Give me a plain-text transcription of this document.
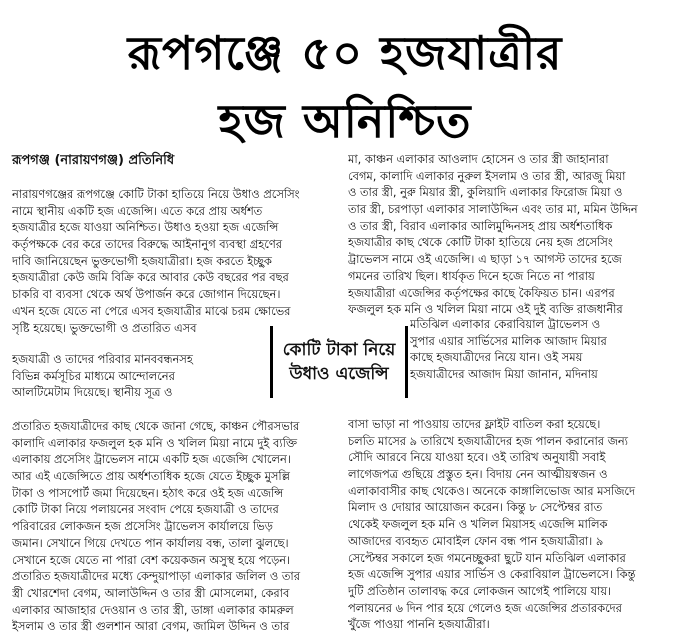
রূপগঞ্জে ৫০ হজযাত্রীর
হজ অনিশ্চিত
রূপগঞ্জ (নারায়ণগঞ্জ) প্রতিনিধি
নারায়ণগঞ্জের রূপগঞ্জে কোটি টাকা হাতিয়ে নিয়ে উধাও প্রসেসিং
নামে স্থানীয় একটি হজ এজেন্সি। এতে করে প্রায় অর্ধশত
হজযাত্রীর হজে যাওয়া অনিশ্চিত। উধাও হওয়া হজ এজেন্সি
কর্তৃপক্ষকে বের করে তাদের বিরুদ্ধে আইনানুগ ব্যবস্থা গ্রহণের
দাবি জানিয়েছেন ভুক্তভোগী হজযাত্রীরা। হজ করতে ইচ্ছুক
হজযাত্রীরা কেউ জমি বিক্রি করে আবার কেউ বছরের পর বছর
চাকরি বা ব্যবসা থেকে অর্থ উপার্জন করে জোগান দিয়েছেন।
এখন হজে যেতে না পেরে এসব হজযাত্রীর মাঝে চরম ক্ষোভের
সৃষ্টি হয়েছে। ভুক্তভোগী ও প্রতারিত এসব
হজযাত্রী ও তাদের পরিবার মানববন্ধনসহ
বিভিন্ন কর্মসূচির মাধ্যমে আন্দোলনের
আলটিমেটাম দিয়েছে। স্থানীয় সূত্র ও
প্রতারিত হজযাত্রীদের কাছ থেকে জানা গেছে, কাঞ্চন পৌরসভার
কালাদি এলাকার ফজলুল হক মনি ও খলিল মিয়া নামে দুই ব্যক্তি
এলাকায় প্রসেসিং ট্রাভেলস নামে একটি হজ এজেন্সি খোলেন।
আর এই এজেন্সিতে প্রায় অর্ধশতাধিক হজে যেতে ইচ্ছুক মুসল্লি
টাকা ও পাসপোর্ট জমা দিয়েছেন। হঠাৎ করে ওই হজ এজেন্সি
কোটি টাকা নিয়ে পলায়নের সংবাদ পেয়ে হজযাত্রী ও তাদের
পরিবারের লোকজন হজ প্রসেসিং ট্রাভেলস কার্যালয়ে ভিড়
জমান। সেখানে গিয়ে দেখতে পান কার্যালয় বন্ধ, তালা ঝুলছে।
সেখানে হজে যেতে না পারা বেশ কয়েকজন অসুস্থ হয়ে পড়েন।
প্রতারিত হজযাত্রীদের মধ্যে কেন্দুয়াপাড়া এলাকার জলিল ও তার
স্ত্রী খোরশেদা বেগম, আলাউদ্দিন ও তার স্ত্রী মোসলেমা, কেরাব
এলাকার আজাহার দেওয়ান ও তার স্ত্রী, ডাঙ্গা এলাকার কামরুল
ইসলাম ও তার স্ত্রী গুলশান আরা বেগম, জামিল উদ্দিন ও তার
মা, কাঞ্চন এলাকার আওলাদ হোসেন ও তার স্ত্রী জাহানারা
বেগম, কালাদি এলাকার নুরুল ইসলাম ও তার স্ত্রী, আরজু মিয়া
ও তার স্ত্রী, নুরু মিয়ার স্ত্রী, কুলিয়াদি এলাকার ফিরোজ মিয়া ও
তার স্ত্রী, চরপাড়া এলাকার সালাউদ্দিন এবং তার মা, মমিন উদ্দিন
ও তার স্ত্রী, বিরাব এলাকার আলিমুদ্দিনসহ প্রায় অর্ধশতাধিক
হজযাত্রীর কাছ থেকে কোটি টাকা হাতিয়ে নেয় হজ প্রসেসিং
ট্রাভেলস নামে ওই এজেন্সি। এ ছাড়া ১৭ আগস্ট তাদের হজে
গমনের তারিখ ছিল। ধার্যকৃত দিনে হজে নিতে না পারায়
হজযাত্রীরা এজেন্সির কর্তৃপক্ষের কাছে কৈফিয়ত চান। এরপর
ফজলুল হক মনি ও খলিল মিয়া নামে ওই দুই ব্যক্তি রাজধানীর
মতিঝিল এলাকার কেরাবিয়াল ট্রাভেলস ও
সুপার এয়ার সার্ভিসের মালিক আজাদ মিয়ার
কাছে হজযাত্রীদের নিয়ে যান। ওই সময়
হজযাত্রীদের আজাদ মিয়া জানান, মদিনায়
বাসা ভাড়া না পাওয়ায় তাদের ফ্লাইট বাতিল করা হয়েছে।
চলতি মাসের ৯ তারিখে হজযাত্রীদের হজ পালন করানোর জন্য
সৌদি আরবে নিয়ে যাওয়া হবে। ওই তারিখ অনুযায়ী সবাই
লাগেজপত্র গুছিয়ে প্রস্তুত হন। বিদায় নেন আত্মীয়স্বজন ও
এলাকাবাসীর কাছ থেকেও। অনেকে কাঙ্গালিভোজ আর মসজিদে
মিলাদ ও দোয়ার আয়োজন করেন। কিন্তু ৮ সেপ্টেম্বর রাত
থেকেই ফজলুল হক মনি ও খলিল মিয়াসহ এজেন্সি মালিক
আজাদের ব্যবহৃত মোবাইল ফোন বন্ধ পান হজযাত্রীরা। ৯
সেপ্টেম্বর সকালে হজ গমনেচ্ছুকরা ছুটে যান মতিঝিল এলাকার
হজ এজেন্সি সুপার এয়ার সার্ভিস ও কেরাবিয়াল ট্রাভেলসে। কিন্তু
দুটি প্রতিষ্ঠান তালাবদ্ধ করে লোকজন আগেই পালিয়ে যায়।
পলায়নের ৬ দিন পার হয়ে গেলেও হজ এজেন্সির প্রতারকদের
খুঁজে পাওয়া পাননি হজযাত্রীরা।
কোটি টাকা নিয়ে
উধাও এজেন্সি
